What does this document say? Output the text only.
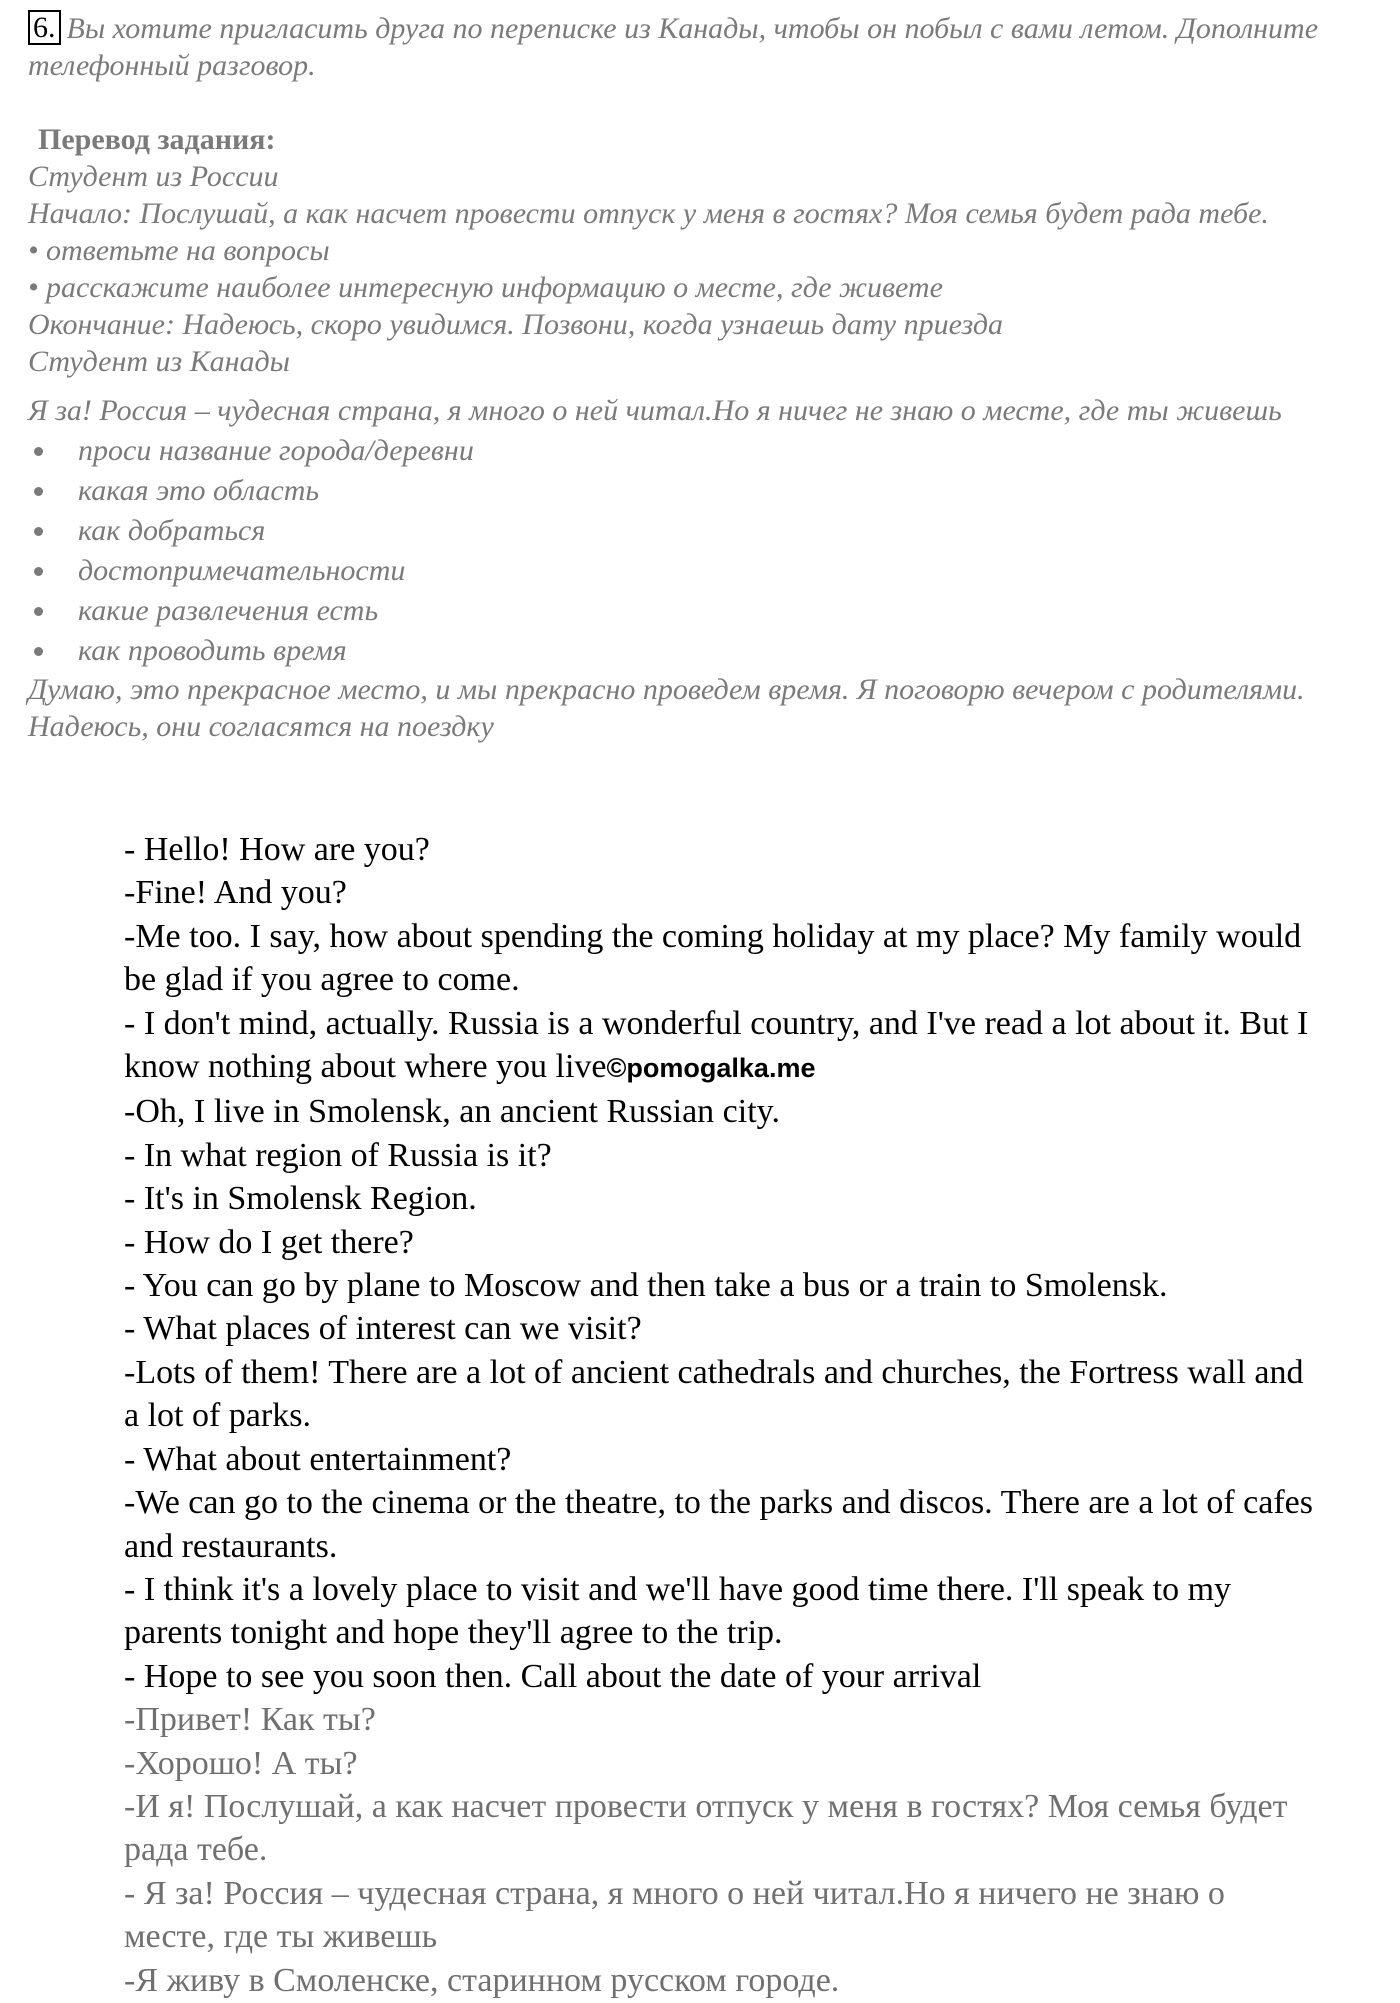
6. Вы хотите пригласить друга по переписке из Канады, чтобы он побыл с вами летом. Дополните телефонный разговор.

Перевод задания:

Студент из России

Начало: Послушай, а как насчет провести отпуск у меня в гостях? Моя семья будет рада тебе.

• ответьте на вопросы

• расскажите наиболее интересную информацию о месте, где живете

Окончание: Надеюсь, скоро увидимся. Позвони, когда узнаешь дату приезда

Студент из Канады

Я за! Россия – чудесная страна, я много о ней читал.Но я ничег не знаю о месте, где ты живешь

проси название города/деревни
какая это область
как добраться
достопримечательности
какие развлечения есть
как проводить время

Думаю, это прекрасное место, и мы прекрасно проведем время. Я поговорю вечером с родителями. Надеюсь, они согласятся на поездку

- Hello! How are you?

-Fine! And you?

-Me too. I say, how about spending the coming holiday at my place? My family would be glad if you agree to come.

- I don't mind, actually. Russia is a wonderful country, and I've read a lot about it. But I know nothing about where you live©pomogalka.me

-Oh, I live in Smolensk, an ancient Russian city.

- In what region of Russia is it?

- It's in Smolensk Region.

- How do I get there?

- You can go by plane to Moscow and then take a bus or a train to Smolensk.

- What places of interest can we visit?

-Lots of them! There are a lot of ancient cathedrals and churches, the Fortress wall and a lot of parks.

- What about entertainment?

-We can go to the cinema or the theatre, to the parks and discos. There are a lot of cafes and restaurants.

- I think it's a lovely place to visit and we'll have good time there. I'll speak to my parents tonight and hope they'll agree to the trip.

- Hope to see you soon then. Call about the date of your arrival

-Привет! Как ты?

-Хорошо! А ты?

-И я! Послушай, а как насчет провести отпуск у меня в гостях? Моя семья будет рада тебе.

- Я за! Россия – чудесная страна, я много о ней читал.Но я ничего не знаю о месте, где ты живешь

-Я живу в Смоленске, старинном русском городе.
